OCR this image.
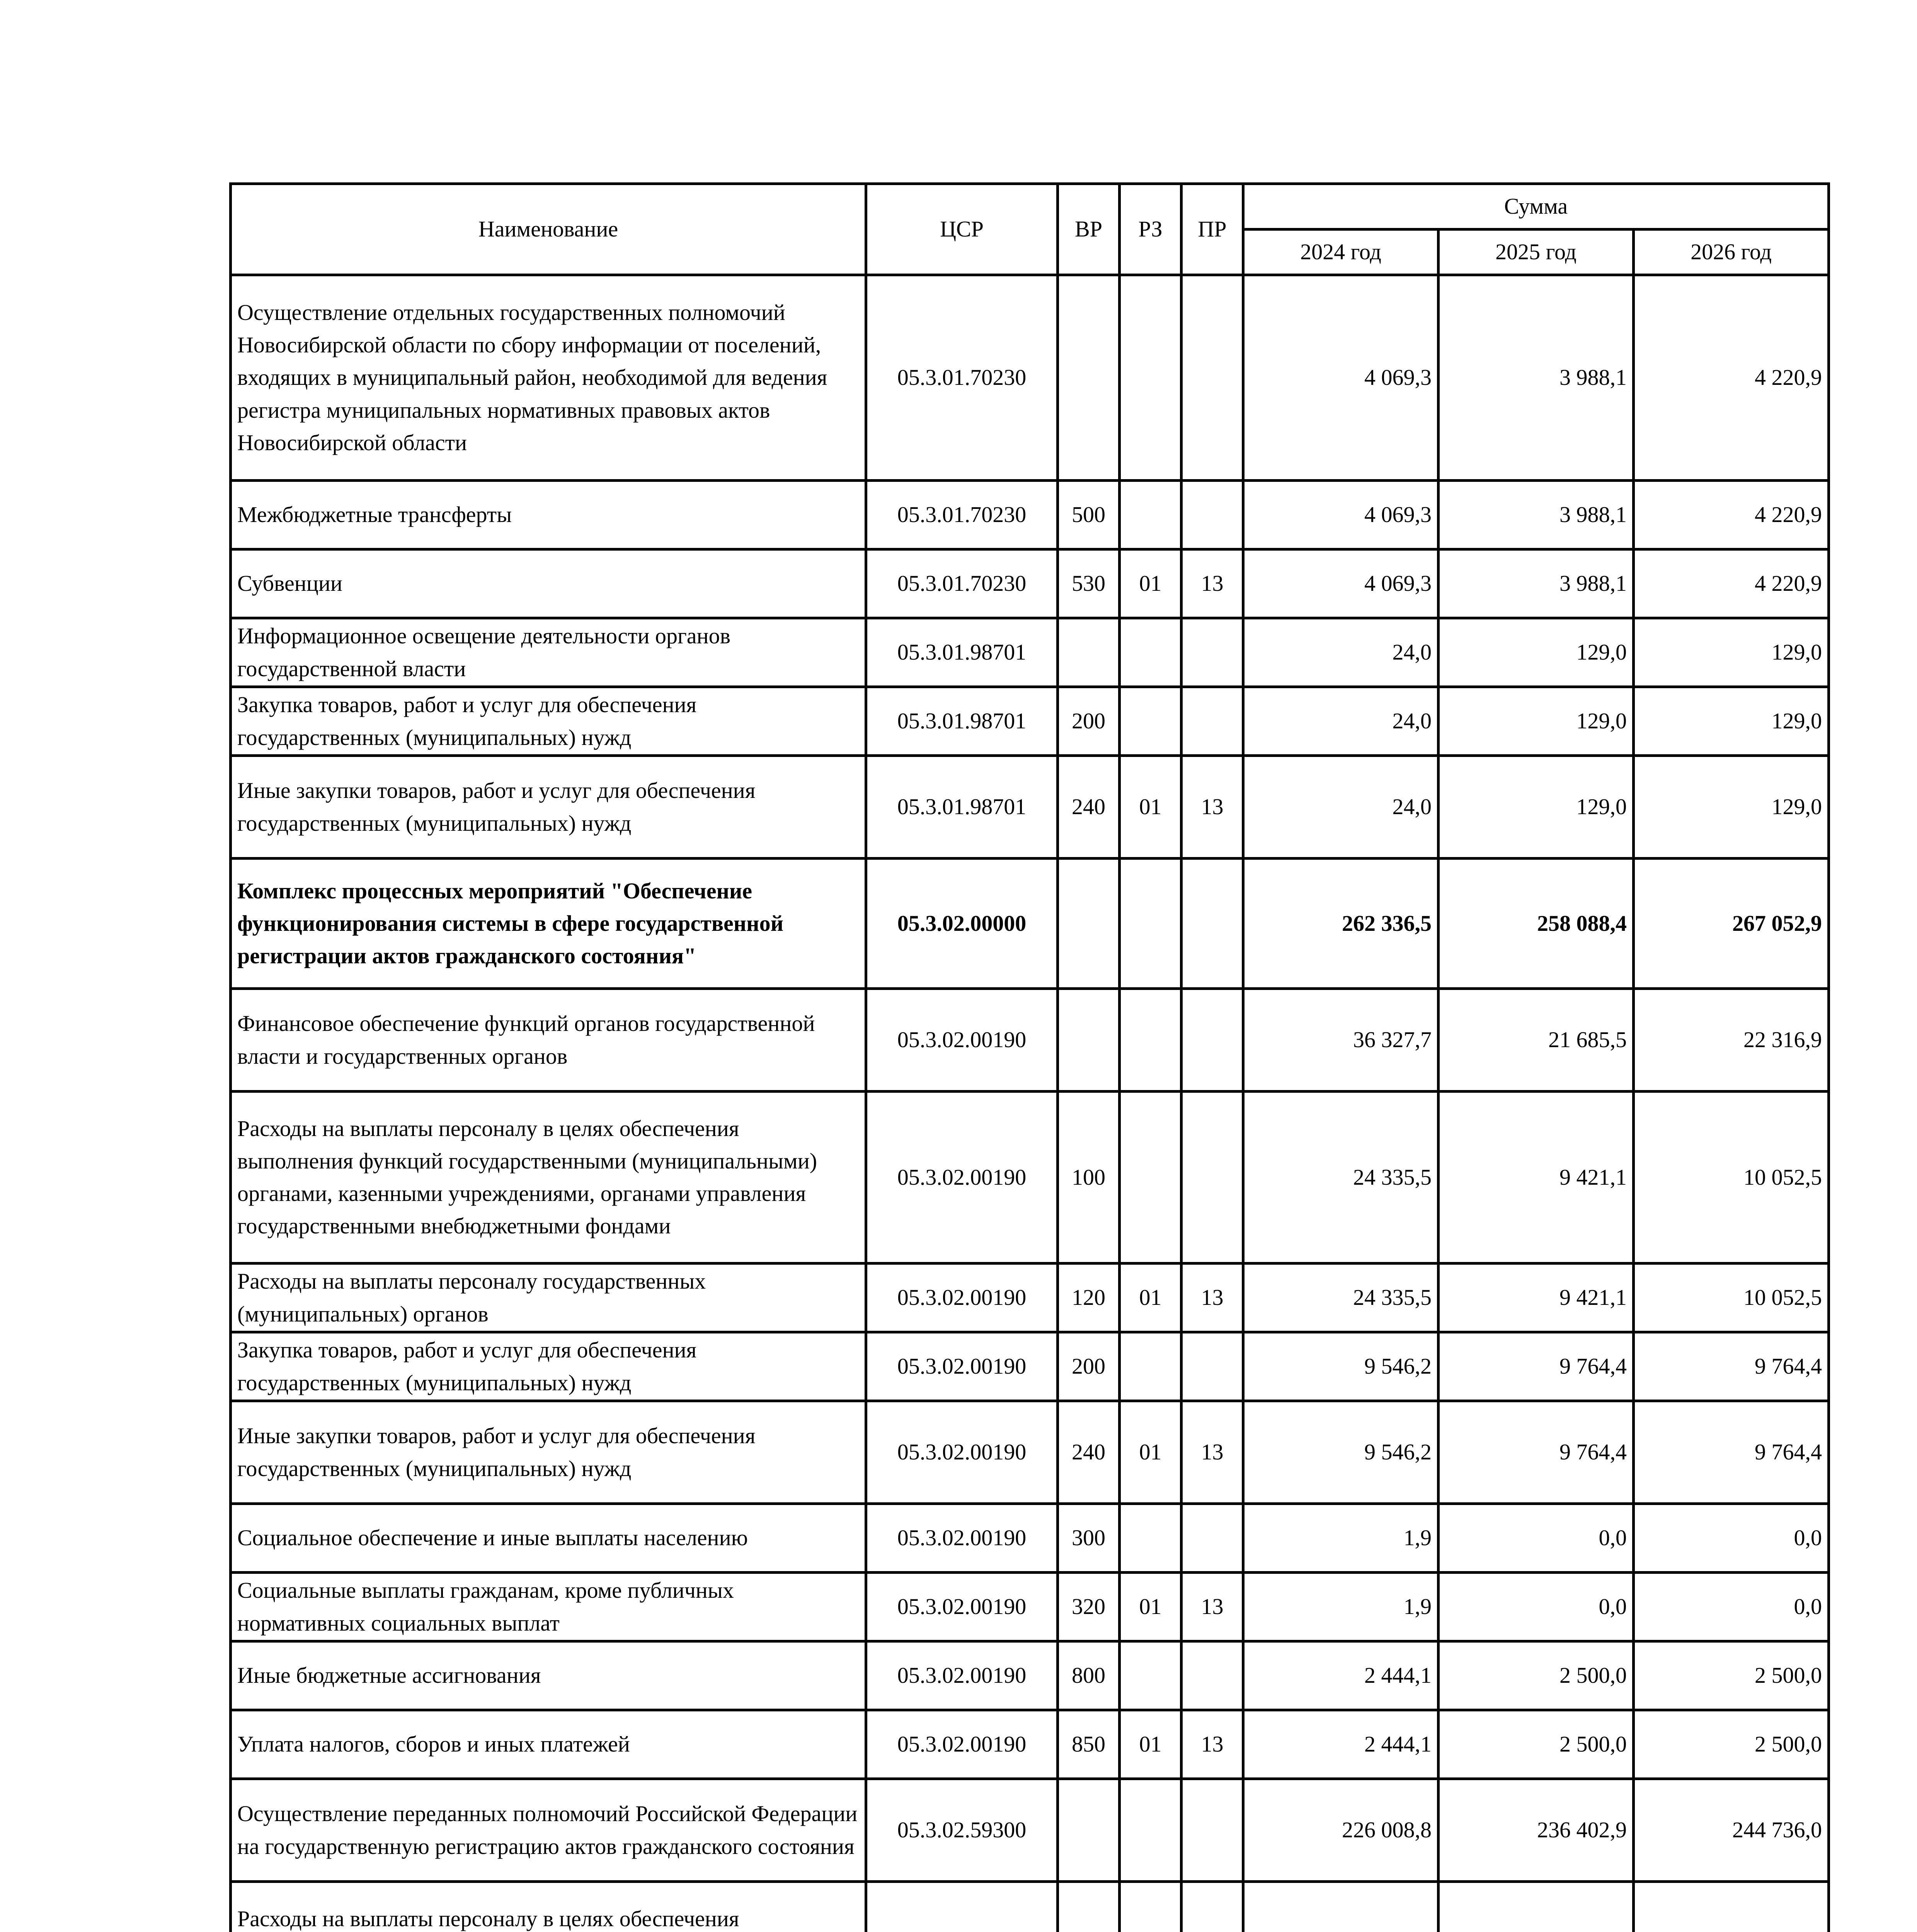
Наименование	ЦСР	ВР	РЗ	ПР	Сумма		
					2024 год	2025 год	2026 год
Осуществление отдельных государственных полномочий Новосибирской области по сбору информации от поселений, входящих в муниципальный район, необходимой для ведения регистра муниципальных нормативных правовых актов Новосибирской области	05.3.01.70230				4 069,3	3 988,1	4 220,9
Межбюджетные трансферты	05.3.01.70230	500			4 069,3	3 988,1	4 220,9
Субвенции	05.3.01.70230	530	01	13	4 069,3	3 988,1	4 220,9
Информационное освещение деятельности органов государственной власти	05.3.01.98701				24,0	129,0	129,0
Закупка товаров, работ и услуг для обеспечения государственных (муниципальных) нужд	05.3.01.98701	200			24,0	129,0	129,0
Иные закупки товаров, работ и услуг для обеспечения государственных (муниципальных) нужд	05.3.01.98701	240	01	13	24,0	129,0	129,0
Комплекс процессных мероприятий "Обеспечение функционирования системы в сфере государственной регистрации актов гражданского состояния"	05.3.02.00000				262 336,5	258 088,4	267 052,9
Финансовое обеспечение функций органов государственной власти и государственных органов	05.3.02.00190				36 327,7	21 685,5	22 316,9
Расходы на выплаты персоналу в целях обеспечения выполнения функций государственными (муниципальными) органами, казенными учреждениями, органами управления государственными внебюджетными фондами	05.3.02.00190	100			24 335,5	9 421,1	10 052,5
Расходы на выплаты персоналу государственных (муниципальных) органов	05.3.02.00190	120	01	13	24 335,5	9 421,1	10 052,5
Закупка товаров, работ и услуг для обеспечения государственных (муниципальных) нужд	05.3.02.00190	200			9 546,2	9 764,4	9 764,4
Иные закупки товаров, работ и услуг для обеспечения государственных (муниципальных) нужд	05.3.02.00190	240	01	13	9 546,2	9 764,4	9 764,4
Социальное обеспечение и иные выплаты населению	05.3.02.00190	300			1,9	0,0	0,0
Социальные выплаты гражданам, кроме публичных нормативных социальных выплат	05.3.02.00190	320	01	13	1,9	0,0	0,0
Иные бюджетные ассигнования	05.3.02.00190	800			2 444,1	2 500,0	2 500,0
Уплата налогов, сборов и иных платежей	05.3.02.00190	850	01	13	2 444,1	2 500,0	2 500,0
Осуществление переданных полномочий Российской Федерации на государственную регистрацию актов гражданского состояния	05.3.02.59300				226 008,8	236 402,9	244 736,0
Расходы на выплаты персоналу в целях обеспечения							
